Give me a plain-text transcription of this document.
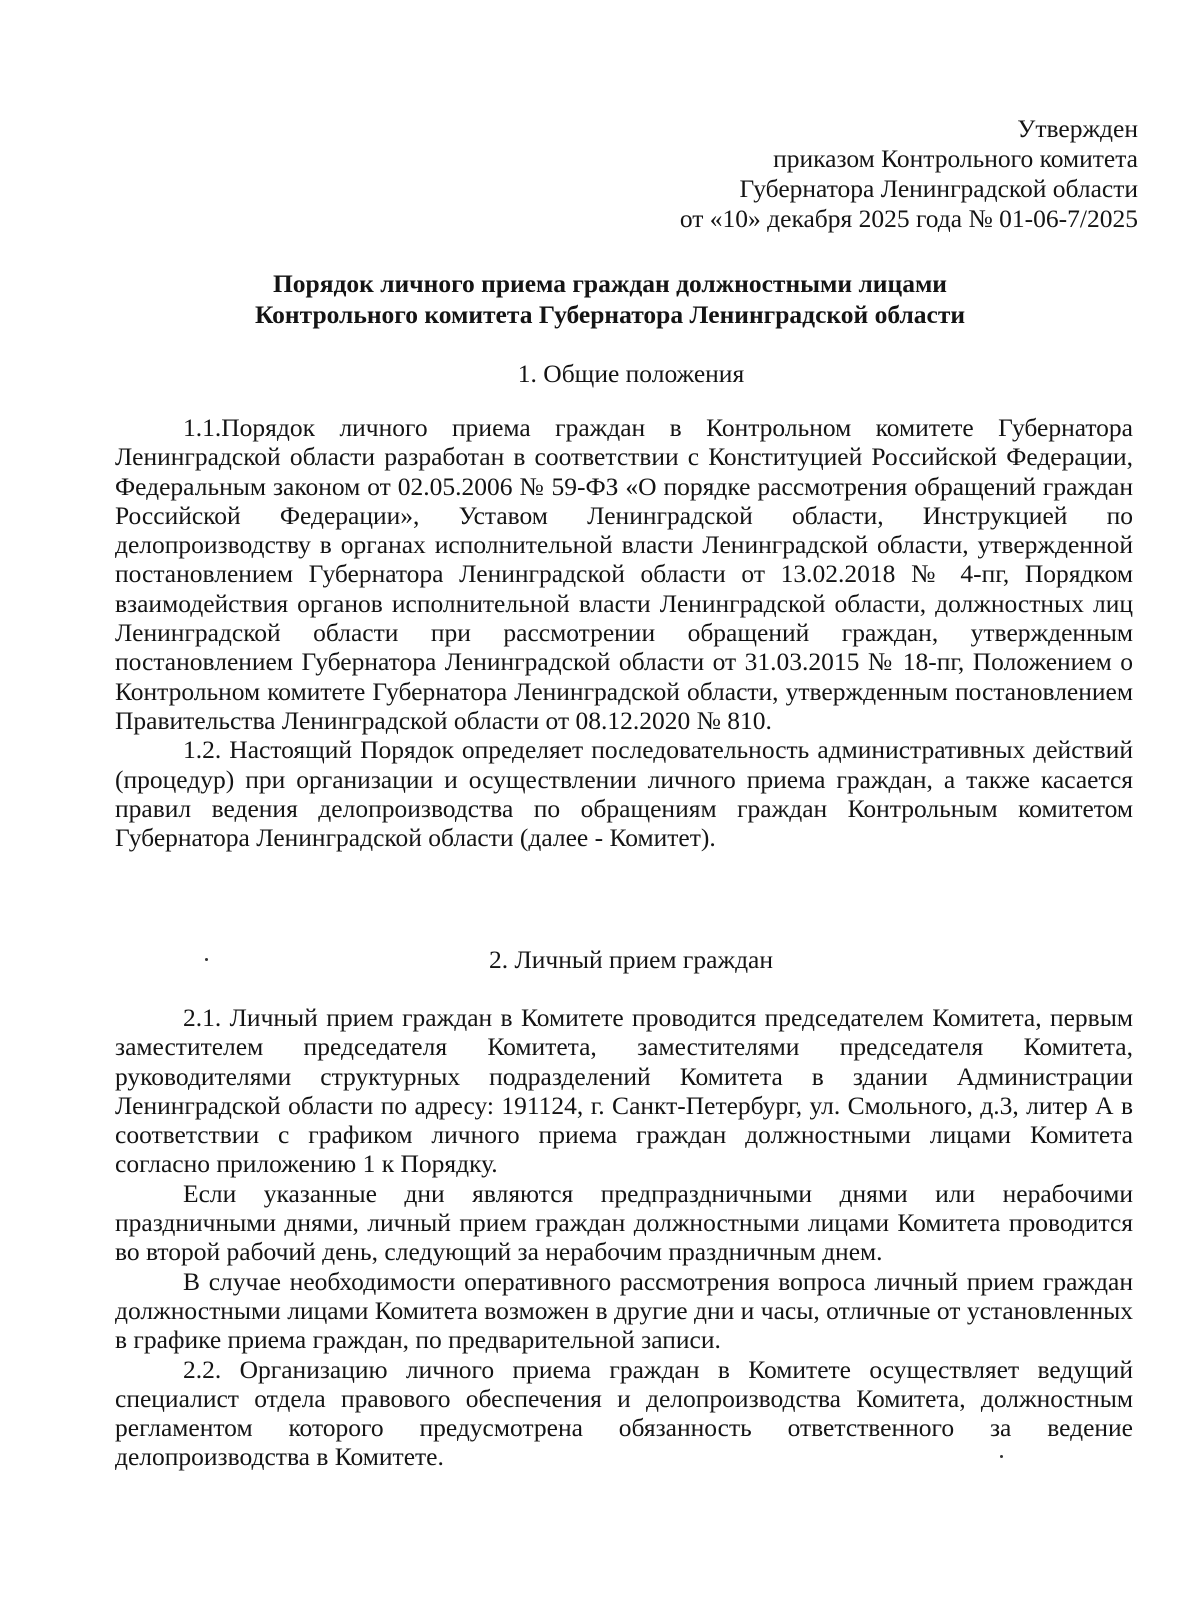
Утвержден
приказом Контрольного комитета
Губернатора Ленинградской области
от «10» декабря 2025 года № 01-06-7/2025
Порядок личного приема граждан должностными лицами
Контрольного комитета Губернатора Ленинградской области
1. Общие положения

1.1.Порядок личного приема граждан в Контрольном комитете Губернатора Ленинградской области разработан в соответствии с Конституцией Российской Федерации, Федеральным законом от 02.05.2006 № 59-ФЗ «О порядке рассмотрения обращений граждан Российской Федерации», Уставом Ленинградской области, Инструкцией по делопроизводству в органах исполнительной власти Ленинградской области, утвержденной постановлением Губернатора Ленинградской области от 13.02.2018 № 4-пг, Порядком взаимодействия органов исполнительной власти Ленинградской области, должностных лиц Ленинградской области при рассмотрении обращений граждан, утвержденным постановлением Губернатора Ленинградской области от 31.03.2015 № 18-пг, Положением о Контрольном комитете Губернатора Ленинградской области, утвержденным постановлением Правительства Ленинградской области от 08.12.2020 № 810.

1.2. Настоящий Порядок определяет последовательность административных действий (процедур) при организации и осуществлении личного приема граждан, а также касается правил ведения делопроизводства по обращениям граждан Контрольным комитетом Губернатора Ленинградской области (далее - Комитет).

2. Личный прием граждан

2.1. Личный прием граждан в Комитете проводится председателем Комитета, первым заместителем председателя Комитета, заместителями председателя Комитета, руководителями структурных подразделений Комитета в здании Администрации Ленинградской области по адресу: 191124, г. Санкт-Петербург, ул. Смольного, д.3, литер А в соответствии с графиком личного приема граждан должностными лицами Комитета согласно приложению 1 к Порядку.

Если указанные дни являются предпраздничными днями или нерабочими праздничными днями, личный прием граждан должностными лицами Комитета проводится во второй рабочий день, следующий за нерабочим праздничным днем.

В случае необходимости оперативного рассмотрения вопроса личный прием граждан должностными лицами Комитета возможен в другие дни и часы, отличные от установленных в графике приема граждан, по предварительной записи.

2.2. Организацию личного приема граждан в Комитете осуществляет ведущий специалист отдела правового обеспечения и делопроизводства Комитета, должностным регламентом которого предусмотрена обязанность ответственного за ведение делопроизводства в Комитете.
